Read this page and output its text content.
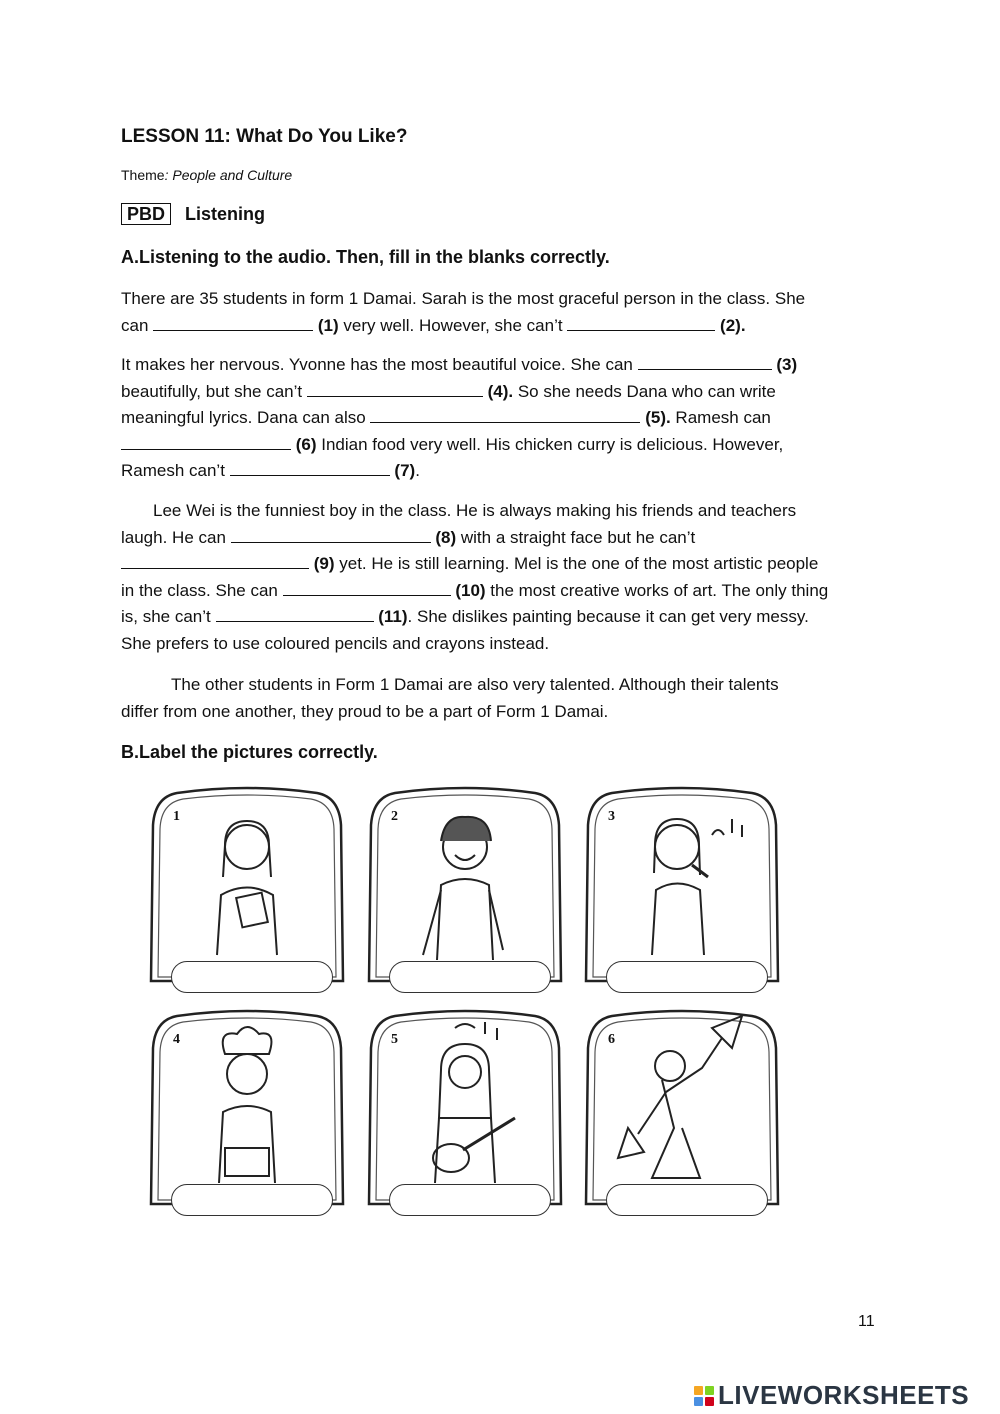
LESSON 11: What Do You Like?
Theme: People and Culture
PBD	Listening
A.Listening to the audio. Then, fill in the blanks correctly.

There are 35 students in form 1 Damai. Sarah is the most graceful person in the class. She

can	(1) very well. However, she can’t	(2).

It makes her nervous. Yvonne has the most beautiful voice. She can	(3)

beautifully, but she can’t	(4). So she needs Dana who can write

meaningful lyrics. Dana can also	(5). Ramesh can

(6) Indian food very well. His chicken curry is delicious. However,

Ramesh can’t	(7).

Lee Wei is the funniest boy in the class. He is always making his friends and teachers

laugh. He can	(8) with a straight face but he can’t

(9) yet. He is still learning. Mel is the one of the most artistic people

in the class. She can	(10) the most creative works of art. The only thing

is, she can’t	(11). She dislikes painting because it can get very messy.

She prefers to use coloured pencils and crayons instead.

The other students in Form 1 Damai are also very talented. Although their talents

differ from one another, they proud to be a part of Form 1 Damai.

B.Label the pictures correctly.
1	2	3
4	5	6
11
LIVEWORKSHEETS
